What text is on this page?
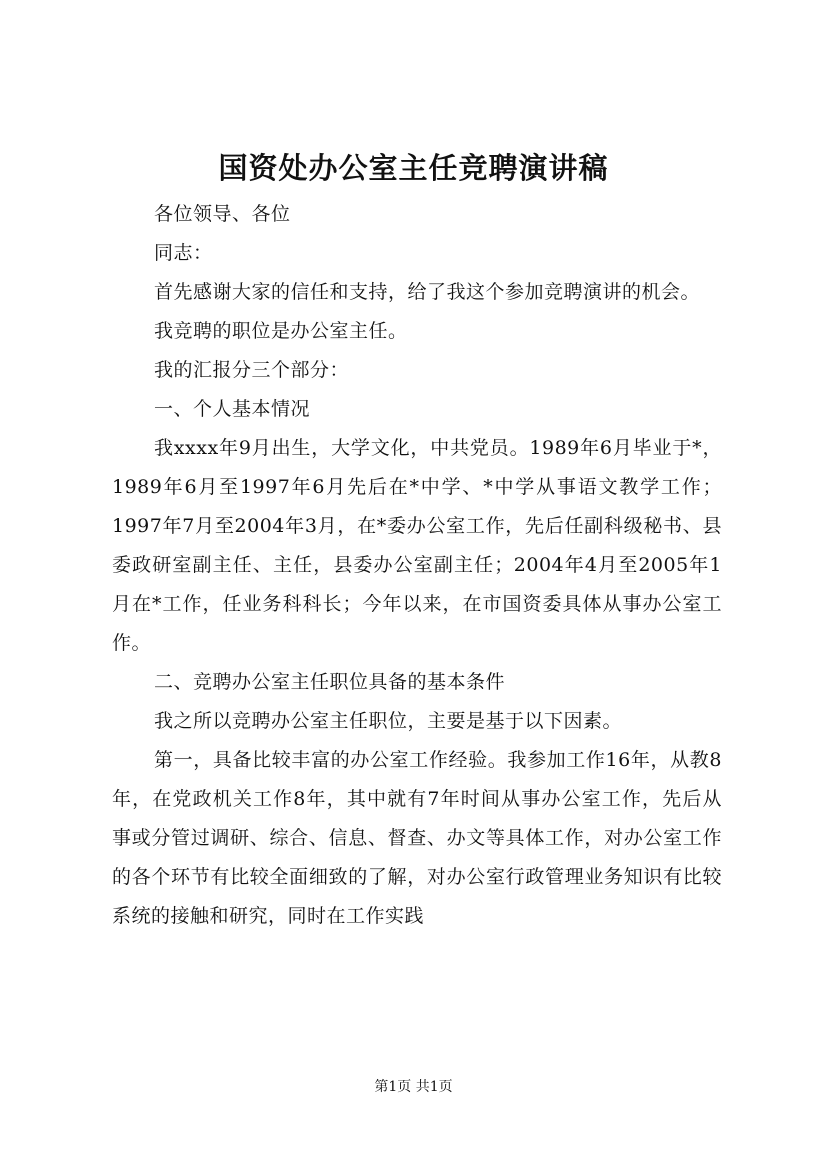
国资处办公室主任竞聘演讲稿

各位领导、各位

同志：

首先感谢大家的信任和支持，给了我这个参加竞聘演讲的机会。

我竞聘的职位是办公室主任。

我的汇报分三个部分：

一、个人基本情况

我xxxx年9月出生，大学文化，中共党员。1989年6月毕业于*，1989年6月至1997年6月先后在*中学、*中学从事语文教学工作；1997年7月至2004年3月，在*委办公室工作，先后任副科级秘书、县委政研室副主任、主任，县委办公室副主任；2004年4月至2005年1月在*工作，任业务科科长；今年以来，在市国资委具体从事办公室工作。

二、竞聘办公室主任职位具备的基本条件

我之所以竞聘办公室主任职位，主要是基于以下因素。

第一，具备比较丰富的办公室工作经验。我参加工作16年，从教8年，在党政机关工作8年，其中就有7年时间从事办公室工作，先后从事或分管过调研、综合、信息、督查、办文等具体工作，对办公室工作的各个环节有比较全面细致的了解，对办公室行政管理业务知识有比较系统的接触和研究，同时在工作实践

第1页 共1页
